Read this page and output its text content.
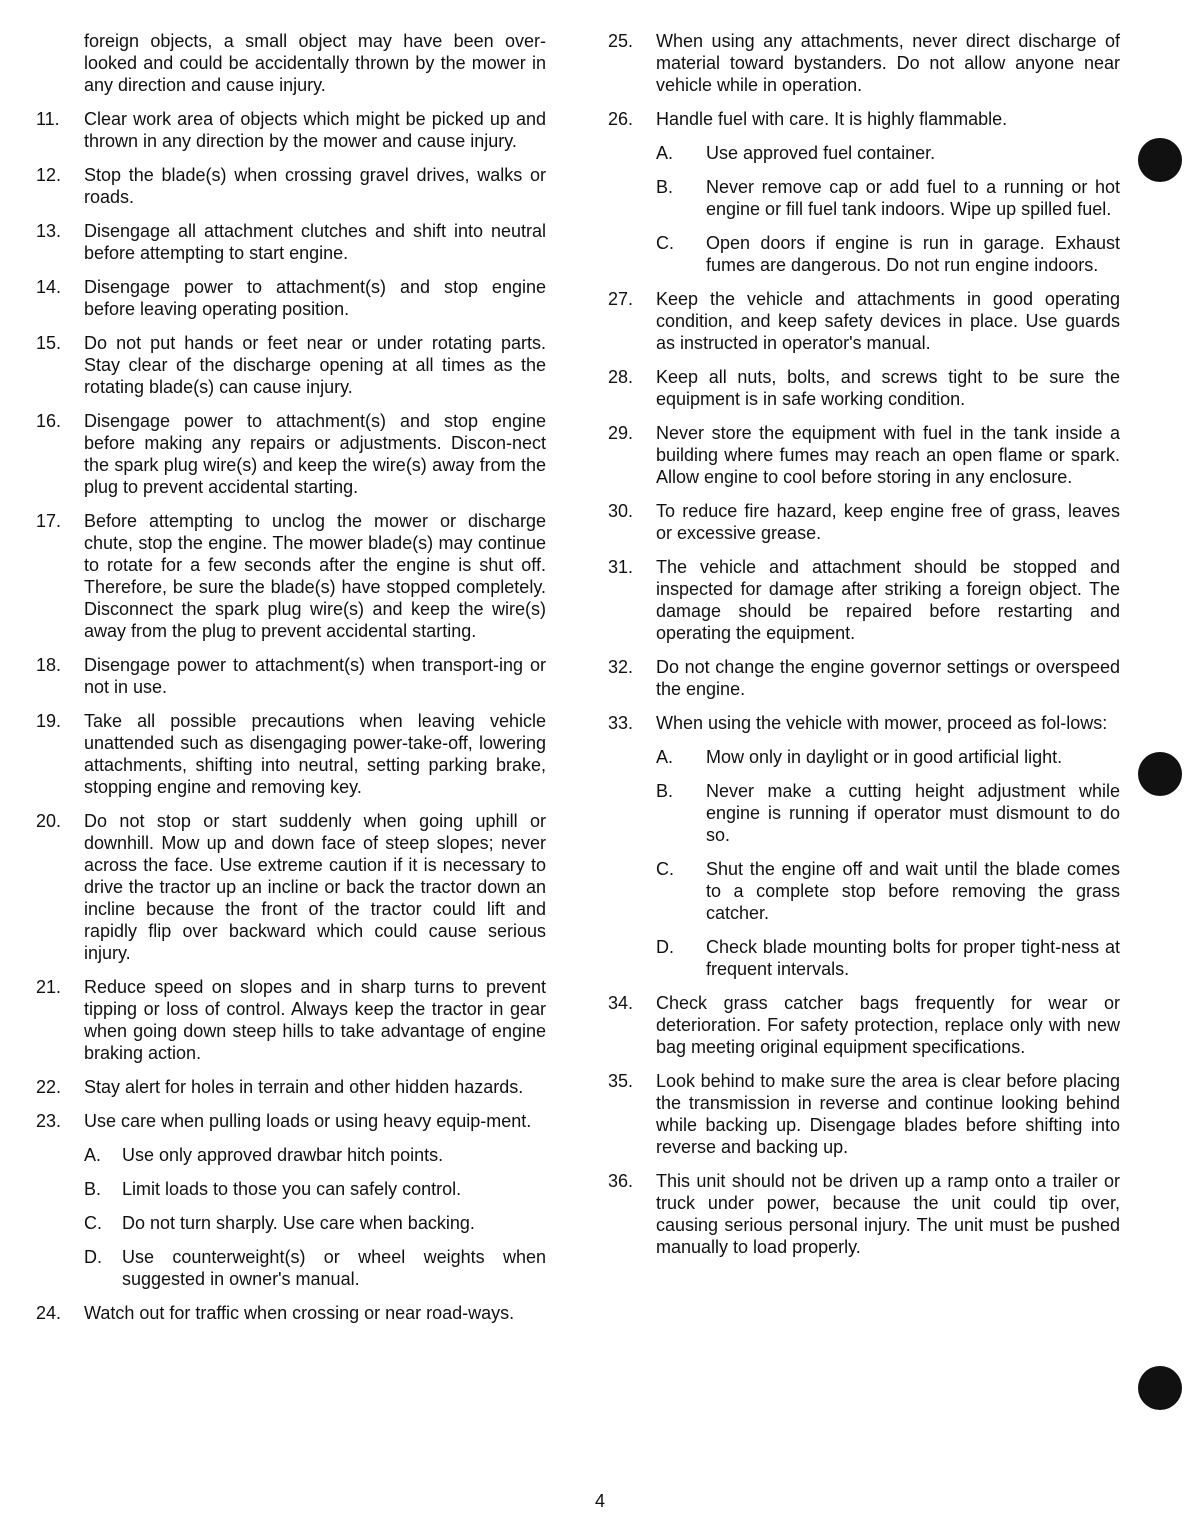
foreign objects, a small object may have been over-looked and could be accidentally thrown by the mower in any direction and cause injury.
11.	Clear work area of objects which might be picked up and thrown in any direction by the mower and cause injury.
12.	Stop the blade(s) when crossing gravel drives, walks or roads.
13.	Disengage all attachment clutches and shift into neutral before attempting to start engine.
14.	Disengage power to attachment(s) and stop engine before leaving operating position.
15.	Do not put hands or feet near or under rotating parts. Stay clear of the discharge opening at all times as the rotating blade(s) can cause injury.
16.	Disengage power to attachment(s) and stop engine before making any repairs or adjustments. Discon-nect the spark plug wire(s) and keep the wire(s) away from the plug to prevent accidental starting.
17.	Before attempting to unclog the mower or discharge chute, stop the engine. The mower blade(s) may continue to rotate for a few seconds after the engine is shut off. Therefore, be sure the blade(s) have stopped completely. Disconnect the spark plug wire(s) and keep the wire(s) away from the plug to prevent accidental starting.
18.	Disengage power to attachment(s) when transport-ing or not in use.
19.	Take all possible precautions when leaving vehicle unattended such as disengaging power-take-off, lowering attachments, shifting into neutral, setting parking brake, stopping engine and removing key.
20.	Do not stop or start suddenly when going uphill or downhill. Mow up and down face of steep slopes; never across the face. Use extreme caution if it is necessary to drive the tractor up an incline or back the tractor down an incline because the front of the tractor could lift and rapidly flip over backward which could cause serious injury.
21.	Reduce speed on slopes and in sharp turns to prevent tipping or loss of control. Always keep the tractor in gear when going down steep hills to take advantage of engine braking action.
22.	Stay alert for holes in terrain and other hidden hazards.
23.	Use care when pulling loads or using heavy equip-ment.
A. Use only approved drawbar hitch points.
B. Limit loads to those you can safely control.
C. Do not turn sharply. Use care when backing.
D. Use counterweight(s) or wheel weights when suggested in owner's manual.
24.	Watch out for traffic when crossing or near road-ways.
25.	When using any attachments, never direct discharge of material toward bystanders. Do not allow anyone near vehicle while in operation.
26.	Handle fuel with care. It is highly flammable.
A. Use approved fuel container.
B. Never remove cap or add fuel to a running or hot engine or fill fuel tank indoors. Wipe up spilled fuel.
C. Open doors if engine is run in garage. Exhaust fumes are dangerous. Do not run engine indoors.
27.	Keep the vehicle and attachments in good operating condition, and keep safety devices in place. Use guards as instructed in operator's manual.
28.	Keep all nuts, bolts, and screws tight to be sure the equipment is in safe working condition.
29.	Never store the equipment with fuel in the tank inside a building where fumes may reach an open flame or spark. Allow engine to cool before storing in any enclosure.
30.	To reduce fire hazard, keep engine free of grass, leaves or excessive grease.
31.	The vehicle and attachment should be stopped and inspected for damage after striking a foreign object. The damage should be repaired before restarting and operating the equipment.
32.	Do not change the engine governor settings or overspeed the engine.
33.	When using the vehicle with mower, proceed as fol-lows:
A. Mow only in daylight or in good artificial light.
B. Never make a cutting height adjustment while engine is running if operator must dismount to do so.
C. Shut the engine off and wait until the blade comes to a complete stop before removing the grass catcher.
D. Check blade mounting bolts for proper tight-ness at frequent intervals.
34.	Check grass catcher bags frequently for wear or deterioration. For safety protection, replace only with new bag meeting original equipment specifications.
35.	Look behind to make sure the area is clear before placing the transmission in reverse and continue looking behind while backing up. Disengage blades before shifting into reverse and backing up.
36.	This unit should not be driven up a ramp onto a trailer or truck under power, because the unit could tip over, causing serious personal injury. The unit must be pushed manually to load properly.
4
